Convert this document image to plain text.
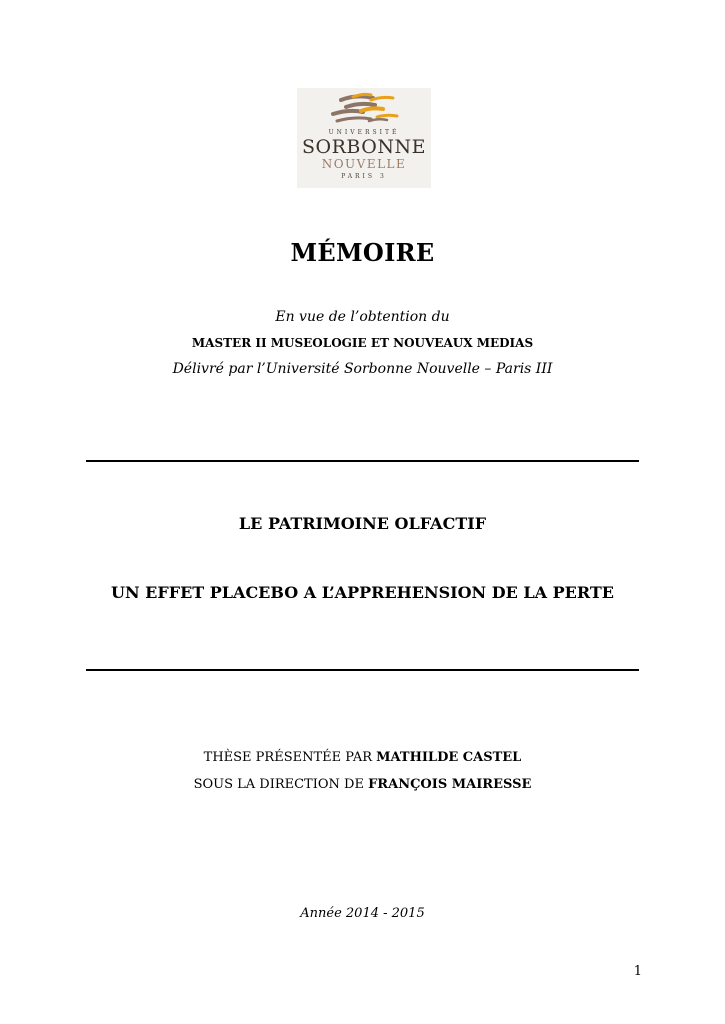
UNIVERSITÉ
SORBONNE
NOUVELLE
PARIS 3
MÉMOIRE
En vue de l’obtention du
MASTER II MUSEOLOGIE ET NOUVEAUX MEDIAS
Délivré par l’Université Sorbonne Nouvelle – Paris III
LE PATRIMOINE OLFACTIF
UN EFFET PLACEBO A L’APPREHENSION DE LA PERTE
THÈSE PRÉSENTÉE PAR MATHILDE CASTEL
SOUS LA DIRECTION DE FRANÇOIS MAIRESSE
Année 2014 - 2015
1
